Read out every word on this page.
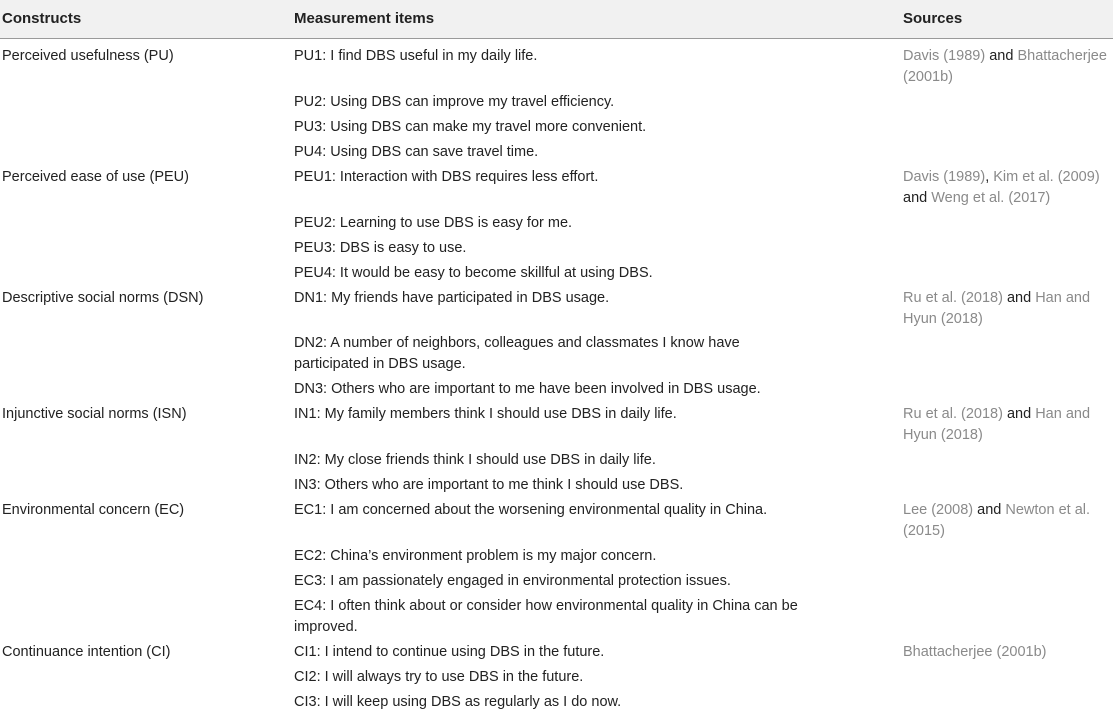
Constructs	Measurement items	Sources
Perceived usefulness (PU)
Perceived ease of use (PEU)
Descriptive social norms (DSN)
Injunctive social norms (ISN)
Environmental concern (EC)
Continuance intention (CI)
PU1: I find DBS useful in my daily life.
PU2: Using DBS can improve my travel efficiency.
PU3: Using DBS can make my travel more convenient.
PU4: Using DBS can save travel time.
PEU1: Interaction with DBS requires less effort.
PEU2: Learning to use DBS is easy for me.
PEU3: DBS is easy to use.
PEU4: It would be easy to become skillful at using DBS.
DN1: My friends have participated in DBS usage.
DN2: A number of neighbors, colleagues and classmates I know have
participated in DBS usage.
DN3: Others who are important to me have been involved in DBS usage.
IN1: My family members think I should use DBS in daily life.
IN2: My close friends think I should use DBS in daily life.
IN3: Others who are important to me think I should use DBS.
EC1: I am concerned about the worsening environmental quality in China.
EC2: China’s environment problem is my major concern.
EC3: I am passionately engaged in environmental protection issues.
EC4: I often think about or consider how environmental quality in China can be
improved.
CI1: I intend to continue using DBS in the future.
CI2: I will always try to use DBS in the future.
CI3: I will keep using DBS as regularly as I do now.
Davis (1989) and Bhattacherjee
(2001b)
Davis (1989), Kim et al. (2009)
and Weng et al. (2017)
Ru et al. (2018) and Han and
Hyun (2018)
Ru et al. (2018) and Han and
Hyun (2018)
Lee (2008) and Newton et al.
(2015)
Bhattacherjee (2001b)
